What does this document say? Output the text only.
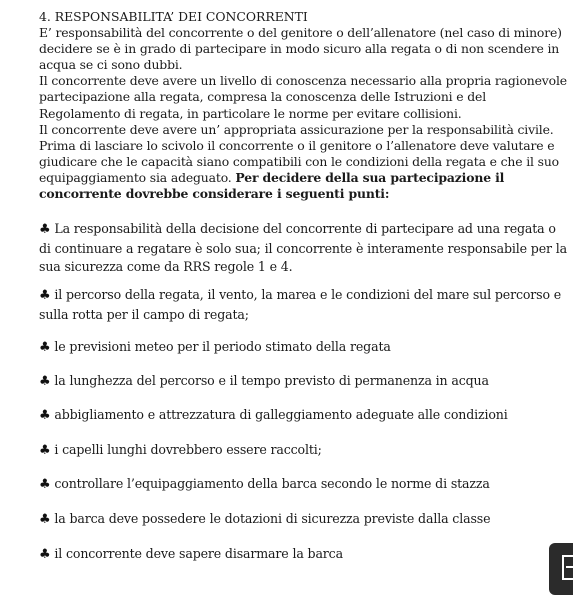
4. RESPONSABILITA’ DEI CONCORRENTI

E’ responsabilità del concorrente o del genitore o dell’allenatore (nel caso di minore) decidere se è in grado di partecipare in modo sicuro alla regata o di non scendere in acqua se ci sono dubbi.

Il concorrente deve avere un livello di conoscenza necessario alla propria ragionevole partecipazione alla regata, compresa la conoscenza delle Istruzioni e del Regolamento di regata, in particolare le norme per evitare collisioni.

Il concorrente deve avere un’ appropriata assicurazione per la responsabilità civile. Prima di lasciare lo scivolo il concorrente o il genitore o l’allenatore deve valutare e giudicare che le capacità siano compatibili con le condizioni della regata e che il suo equipaggiamento sia adeguato. Per decidere della sua partecipazione il concorrente dovrebbe considerare i seguenti punti:

♣ La responsabilità della decisione del concorrente di partecipare ad una regata o di continuare a regatare è solo sua; il concorrente è interamente responsabile per la sua sicurezza come da RRS regole 1 e 4.

♣ il percorso della regata, il vento, la marea e le condizioni del mare sul percorso e sulla rotta per il campo di regata;

♣ le previsioni meteo per il periodo stimato della regata

♣ la lunghezza del percorso e il tempo previsto di permanenza in acqua

♣ abbigliamento e attrezzatura di galleggiamento adeguate alle condizioni

♣ i capelli lunghi dovrebbero essere raccolti;

♣ controllare l’equipaggiamento della barca secondo le norme di stazza

♣ la barca deve possedere le dotazioni di sicurezza previste dalla classe

♣ il concorrente deve sapere disarmare la barca
